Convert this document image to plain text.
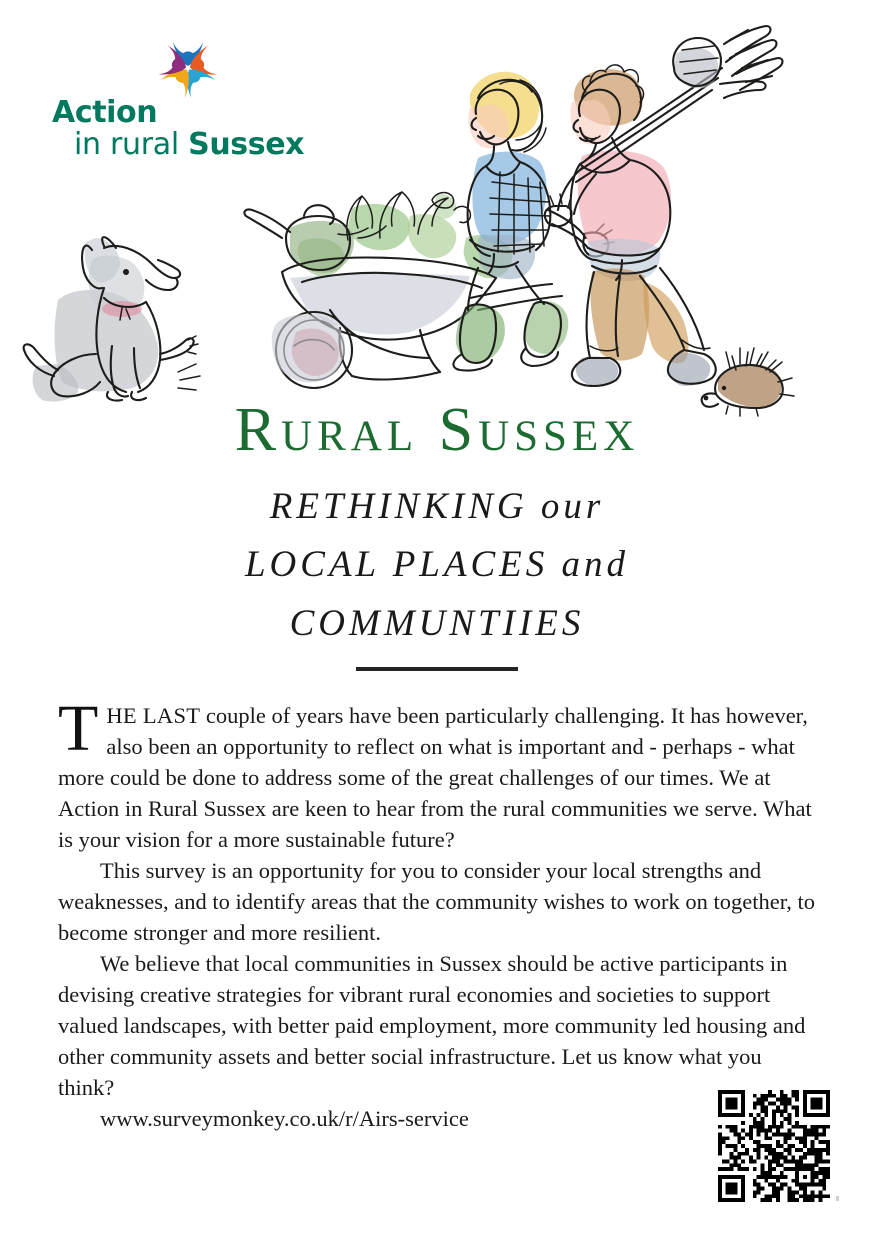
Action
in rural Sussex
Rural Sussex
RETHINKING our
LOCAL PLACES and
COMMUNTIIES

THE LAST couple of years have been particularly challenging. It has however, also been an opportunity to reflect on what is important and - perhaps - what more could be done to address some of the great challenges of our times. We at Action in Rural Sussex are keen to hear from the rural communities we serve. What is your vision for a more sustainable future?

This survey is an opportunity for you to consider your local strengths and weaknesses, and to identify areas that the community wishes to work on together, to become stronger and more resilient.

We believe that local communities in Sussex should be active participants in devising creative strategies for vibrant rural economies and societies to support valued landscapes, with better paid employment, more community led housing and other community assets and better social infrastructure. Let us know what you think?

www.surveymonkey.co.uk/r/Airs-service
